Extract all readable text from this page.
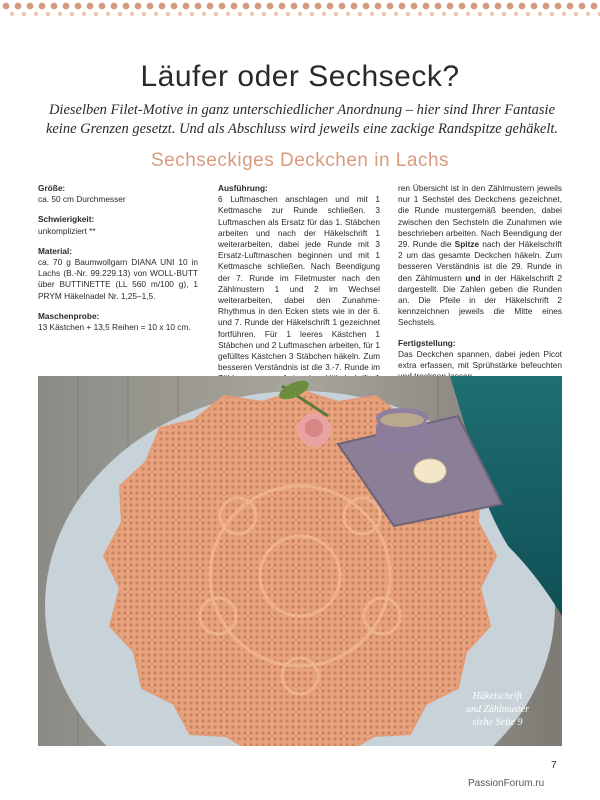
Läufer oder Sechseck?
Dieselben Filet-Motive in ganz unterschiedlicher Anordnung – hier sind Ihrer Fantasie keine Grenzen gesetzt. Und als Abschluss wird jeweils eine zackige Randspitze gehäkelt.
Sechseckiges Deckchen in Lachs
Größe:

ca. 50 cm Durchmesser

Schwierigkeit:

unkompliziert **

Material:

ca. 70 g Baumwollgarn DIANA UNI 10 in Lachs (B.-Nr. 99.229.13) von WOLL-BUTT über BUTTINETTE (LL 560 m/100 g), 1 PRYM Häkelnadel Nr. 1,25–1,5.

Maschenprobe:

13 Kästchen + 13,5 Reihen = 10 x 10 cm.

Ausführung:
6 Luftmaschen anschlagen und mit 1 Kettmasche zur Runde schließen. 3 Luftmaschen als Ersatz für das 1. Stäbchen arbeiten und nach der Häkelschrift 1 weiterarbeiten, dabei jede Runde mit 3 Ersatz-Luftmaschen beginnen und mit 1 Kettmasche schließen. Nach Beendigung der 7. Runde im Filetmuster nach den Zählmustern 1 und 2 im Wechsel weiterarbeiten, dabei den Zunahme-Rhythmus in den Ecken stets wie in der 6. und 7. Runde der Häkelschrift 1 gezeichnet fortführen. Für 1 leeres Kästchen 1 Stäbchen und 2 Luftmaschen arbeiten, für 1 gefülltes Kästchen 3 Stäbchen häkeln. Zum besseren Verständnis ist die 3.-7. Runde im
ren Übersicht ist in den Zählmustern jeweils nur 1 Sechstel des Deckchens gezeichnet, die Runde mustergemäß beenden, dabei zwischen den Sechsteln die Zunahmen wie beschrieben arbeiten. Nach Beendigung der 29. Runde die Spitze nach der Häkelschrift 2 um das gesamte Deckchen häkeln. Zum besseren Verständnis ist die 29. Runde in den Zählmustern und in der Häkelschrift 2 dargestellt. Die Zahlen geben die Runden an. Die Pfeile in der Häkelschrift 2 kennzeichnen jeweils die Mitte eines Sechstels.
Fertigstellung:

Das Deckchen spannen, dabei jeden Picot extra erfassen, mit Sprühstärke befeuchten

Häkelschrift
und Zählmuster
siehe Seite 9
Entwurf: K. Ettl
7
PassionForum.ru
